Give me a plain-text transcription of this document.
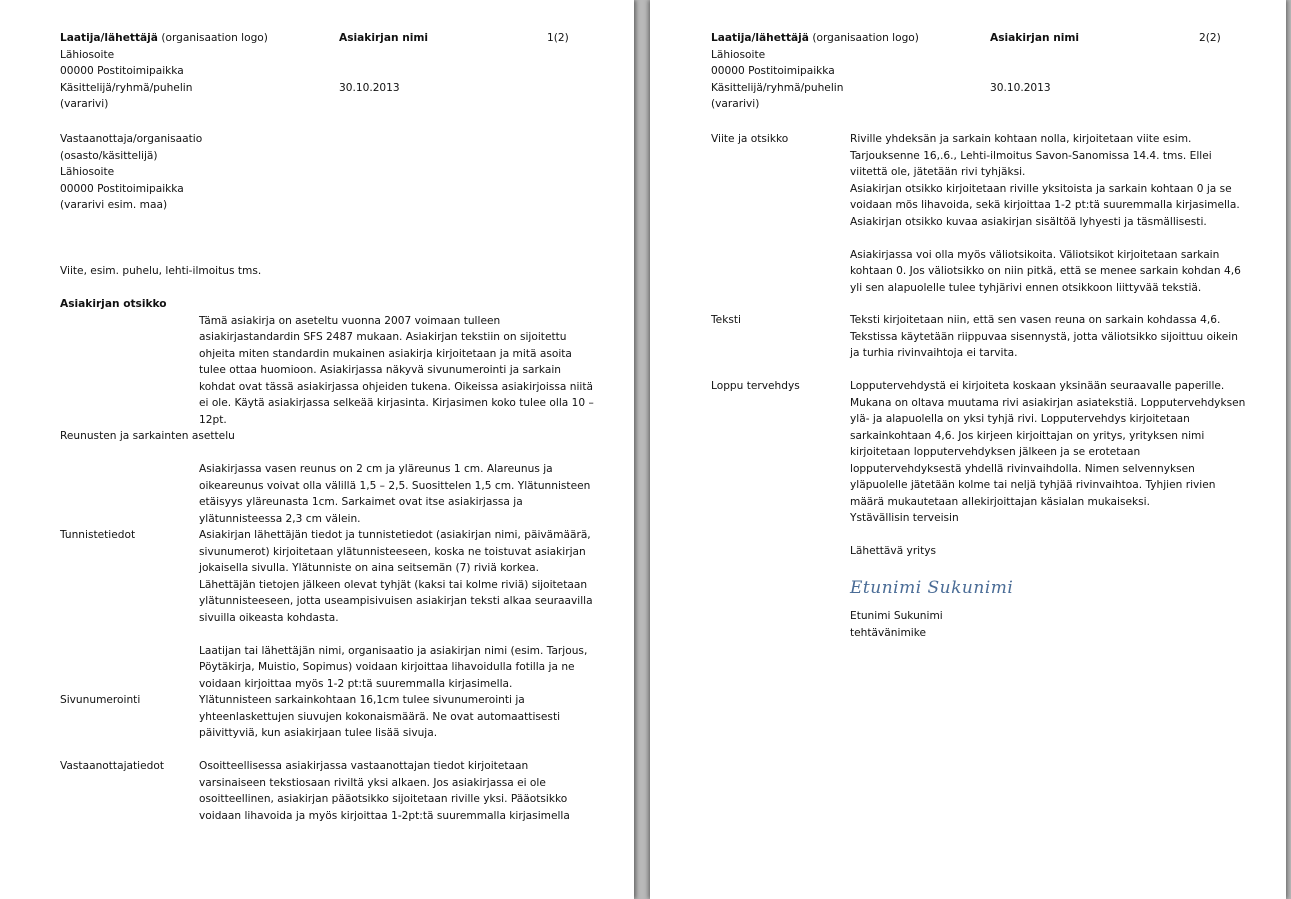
Laatija/lähettäjä (organisaation logo)
Lähiosoite
00000 Postitoimipaikka
Käsittelijä/ryhmä/puhelin
(vararivi)
Asiakirjan nimi
30.10.2013
1(2)
Vastaanottaja/organisaatio
(osasto/käsittelijä)
Lähiosoite
00000 Postitoimipaikka
(vararivi esim. maa)
Viite, esim. puhelu, lehti-ilmoitus tms.
Asiakirjan otsikko
Tämä asiakirja on aseteltu vuonna 2007 voimaan tulleen asiakirjastandardin SFS 2487 mukaan. Asiakirjan tekstiin on sijoitettu ohjeita miten standardin mukainen asiakirja kirjoitetaan ja mitä asoita tulee ottaa huomioon. Asiakirjassa näkyvä sivunumerointi ja sarkain kohdat ovat tässä asiakirjassa ohjeiden tukena. Oikeissa asiakirjoissa niitä ei ole. Käytä asiakirjassa selkeää kirjasinta. Kirjasimen koko tulee olla 10 – 12pt.
Reunusten ja sarkainten asettelu
Asiakirjassa vasen reunus on 2 cm ja yläreunus 1 cm. Alareunus ja oikeareunus voivat olla välillä 1,5 – 2,5. Suosittelen 1,5 cm. Ylätunnisteen etäisyys yläreunasta 1cm. Sarkaimet ovat itse asiakirjassa ja ylätunnisteessa 2,3 cm välein.
Tunnistetiedot	Asiakirjan lähettäjän tiedot ja tunnistetiedot (asiakirjan nimi, päivämäärä, sivunumerot) kirjoitetaan ylätunnisteeseen, koska ne toistuvat asiakirjan jokaisella sivulla. Ylätunniste on aina seitsemän (7) riviä korkea. Lähettäjän tietojen jälkeen olevat tyhjät (kaksi tai kolme riviä) sijoitetaan ylätunnisteeseen, jotta useampisivuisen asiakirjan teksti alkaa seuraavilla sivuilla oikeasta kohdasta.

Laatijan tai lähettäjän nimi, organisaatio ja asiakirjan nimi (esim. Tarjous, Pöytäkirja, Muistio, Sopimus) voidaan kirjoittaa lihavoidulla fotilla ja ne voidaan kirjoittaa myös 1-2 pt:tä suuremmalla kirjasimella.

Sivunumerointi	Ylätunnisteen sarkainkohtaan 16,1cm tulee sivunumerointi ja yhteenlaskettujen siuvujen kokonaismäärä. Ne ovat automaattisesti päivittyviä, kun asiakirjaan tulee lisää sivuja.
Vastaanottajatiedot	Osoitteellisessa asiakirjassa vastaanottajan tiedot kirjoitetaan varsinaiseen tekstiosaan riviltä yksi alkaen. Jos asiakirjassa ei ole osoitteellinen, asiakirjan pääotsikko sijoitetaan riville yksi. Pääotsikko voidaan lihavoida ja myös kirjoittaa 1-2pt:tä suuremmalla kirjasimella
Laatija/lähettäjä (organisaation logo)
Lähiosoite
00000 Postitoimipaikka
Käsittelijä/ryhmä/puhelin
(vararivi)
Asiakirjan nimi
30.10.2013
2(2)
Viite ja otsikko	Riville yhdeksän ja sarkain kohtaan nolla, kirjoitetaan viite esim. Tarjouksenne 16,.6., Lehti-ilmoitus Savon-Sanomissa 14.4. tms. Ellei viitettä ole, jätetään rivi tyhjäksi.

Asiakirjan otsikko kirjoitetaan riville yksitoista ja sarkain kohtaan 0 ja se voidaan mös lihavoida, sekä kirjoittaa 1-2 pt:tä suuremmalla kirjasimella. Asiakirjan otsikko kuvaa asiakirjan sisältöä lyhyesti ja täsmällisesti.

Asiakirjassa voi olla myös väliotsikoita. Väliotsikot kirjoitetaan sarkain kohtaan 0. Jos väliotsikko on niin pitkä, että se menee sarkain kohdan 4,6 yli sen alapuolelle tulee tyhjärivi ennen otsikkoon liittyvää tekstiä.

Teksti	Teksti kirjoitetaan niin, että sen vasen reuna on sarkain kohdassa 4,6. Tekstissa käytetään riippuvaa sisennystä, jotta väliotsikko sijoittuu oikein ja turhia rivinvaihtoja ei tarvita.
Loppu tervehdys	Lopputervehdystä ei kirjoiteta koskaan yksinään seuraavalle paperille. Mukana on oltava muutama rivi asiakirjan asiatekstiä. Lopputervehdyksen ylä- ja alapuolella on yksi tyhjä rivi. Lopputervehdys kirjoitetaan sarkainkohtaan 4,6. Jos kirjeen kirjoittajan on yritys, yrityksen nimi kirjoitetaan lopputervehdyksen jälkeen ja se erotetaan lopputervehdyksestä yhdellä rivinvaihdolla. Nimen selvennyksen yläpuolelle jätetään kolme tai neljä tyhjää rivinvaihtoa. Tyhjien rivien määrä mukautetaan allekirjoittajan käsialan mukaiseksi.
Ystävällisin terveisin
Lähettävä yritys
Etunimi Sukunimi
Etunimi Sukunimi
tehtävänimike
